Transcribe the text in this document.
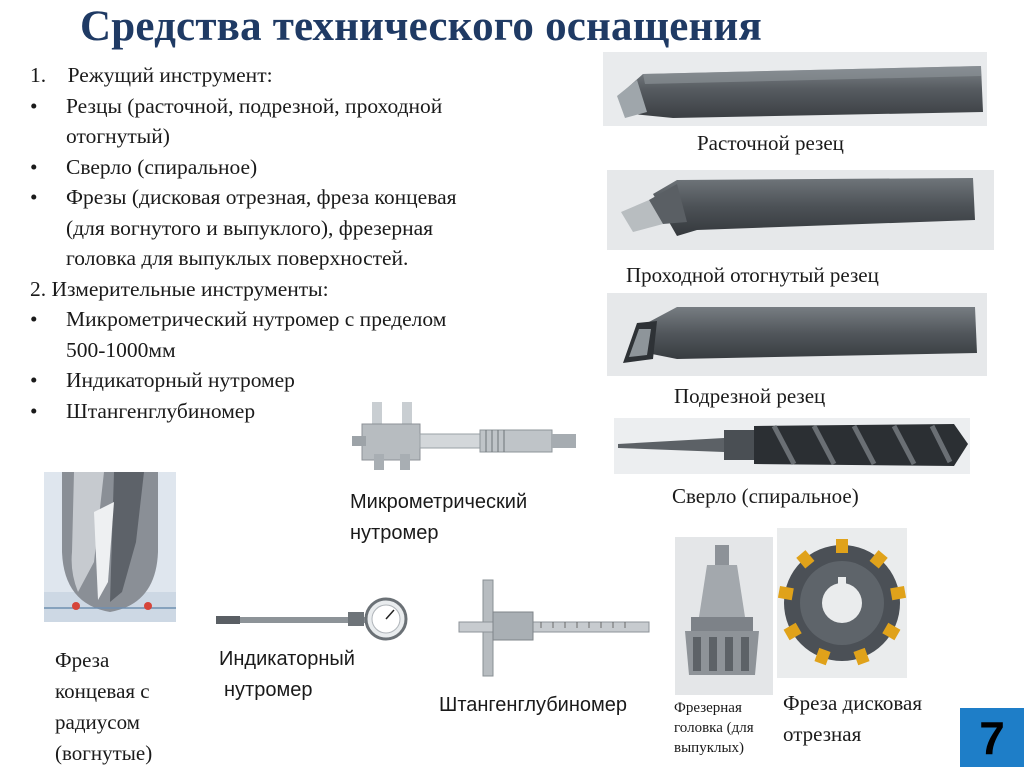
Средства технического оснащения
1. Режущий инструмент:
• Резцы (расточной, подрезной, проходной
отогнутый)
• Сверло (спиральное)
• Фрезы (дисковая отрезная, фреза концевая
(для вогнутого и выпуклого), фрезерная
головка для выпуклых поверхностей.
2. Измерительные инструменты:
• Микрометрический нутромер с пределом
500-1000мм
• Индикаторный нутромер
• Штангенглубиномер
Расточной резец
Проходной отогнутый резец
Подрезной резец
Сверло (спиральное)
Микрометрический
нутромер
Фреза
концевая с
радиусом
(вогнутые)
Индикаторный
нутромер
Штангенглубиномер	Фрезерная
головка (для
выпуклых)
Фреза дисковая
отрезная	7
